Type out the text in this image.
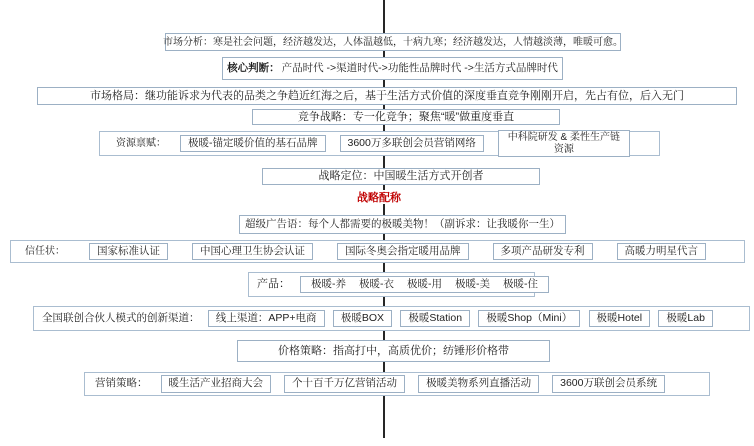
市场分析：寒是社会问题，经济越发达，人体温越低，十病九寒；经济越发达，人情越淡薄，唯暖可愈。
核心判断： 产品时代 ->渠道时代->功能性品牌时代 ->生活方式品牌时代
市场格局：继功能诉求为代表的品类之争趋近红海之后，基于生活方式价值的深度垂直竞争刚刚开启，先占有位，后入无门
竞争战略：专一化竞争；聚焦“暖”做重度垂直
资源禀赋： 极暖-锚定暖价值的基石品牌	3600万多联创会员营销网络	中科院研发 & 柔性生产链资源
战略定位：中国暖生活方式开创者
战略配称
超级广告语：每个人都需要的极暖美物！（副诉求：让我暖你一生）
信任状：	国家标准认证	中国心理卫生协会认证	国际冬奥会指定暖用品牌	多项产品研发专利	高暖力明星代言
产品： 极暖-养 极暖-衣 极暖-用 极暖-美 极暖-住
全国联创合伙人模式的创新渠道： 线上渠道：APP+电商 极暖BOX 极暖Station 极暖Shop（Mini） 极暖Hotel 极暖Lab
价格策略：指高打中，高质优价；纺锤形价格带
营销策略： 暖生活产业招商大会	个十百千万亿营销活动	极暖美物系列直播活动	3600万联创会员系统
